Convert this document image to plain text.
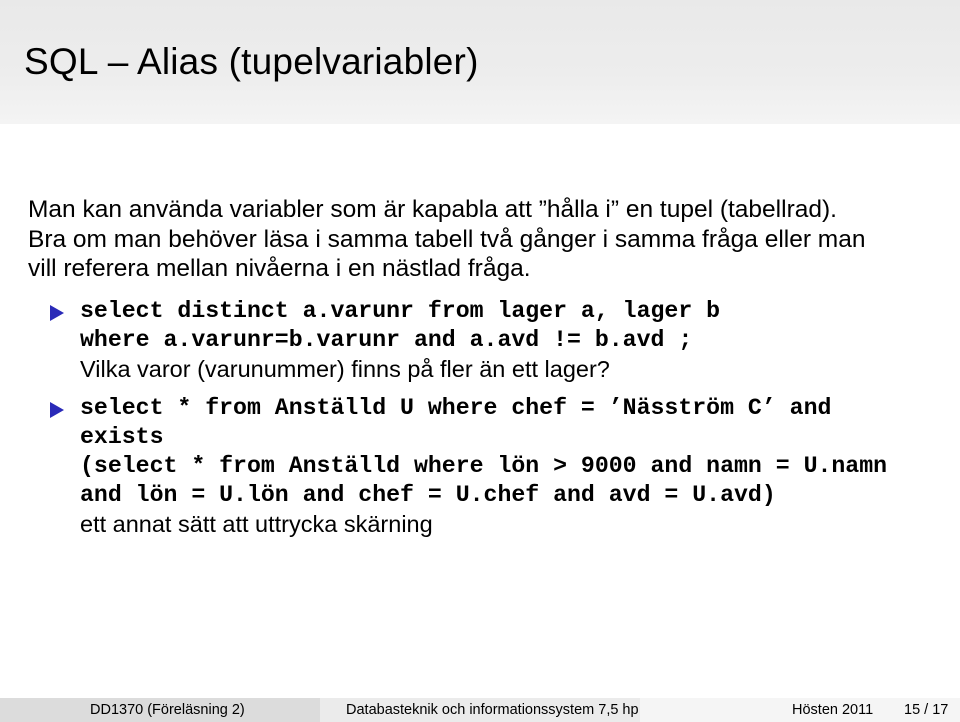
SQL – Alias (tupelvariabler)

Man kan använda variabler som är kapabla att ”hålla i” en tupel (tabellrad).

Bra om man behöver läsa i samma tabell två gånger i samma fråga eller man

vill referera mellan nivåerna i en nästlad fråga.

select distinct a.varunr from lager a, lager b

where a.varunr=b.varunr and a.avd != b.avd ;

Vilka varor (varunummer) finns på fler än ett lager?

select * from Anställd U where chef = ’Näsström C’ and

exists

(select * from Anställd where lön > 9000 and namn = U.namn

and lön = U.lön and chef = U.chef and avd = U.avd)

ett annat sätt att uttrycka skärning

DD1370 (Föreläsning 2)	Databasteknik och informationssystem 7,5 hp	Hösten 2011 15 / 17
